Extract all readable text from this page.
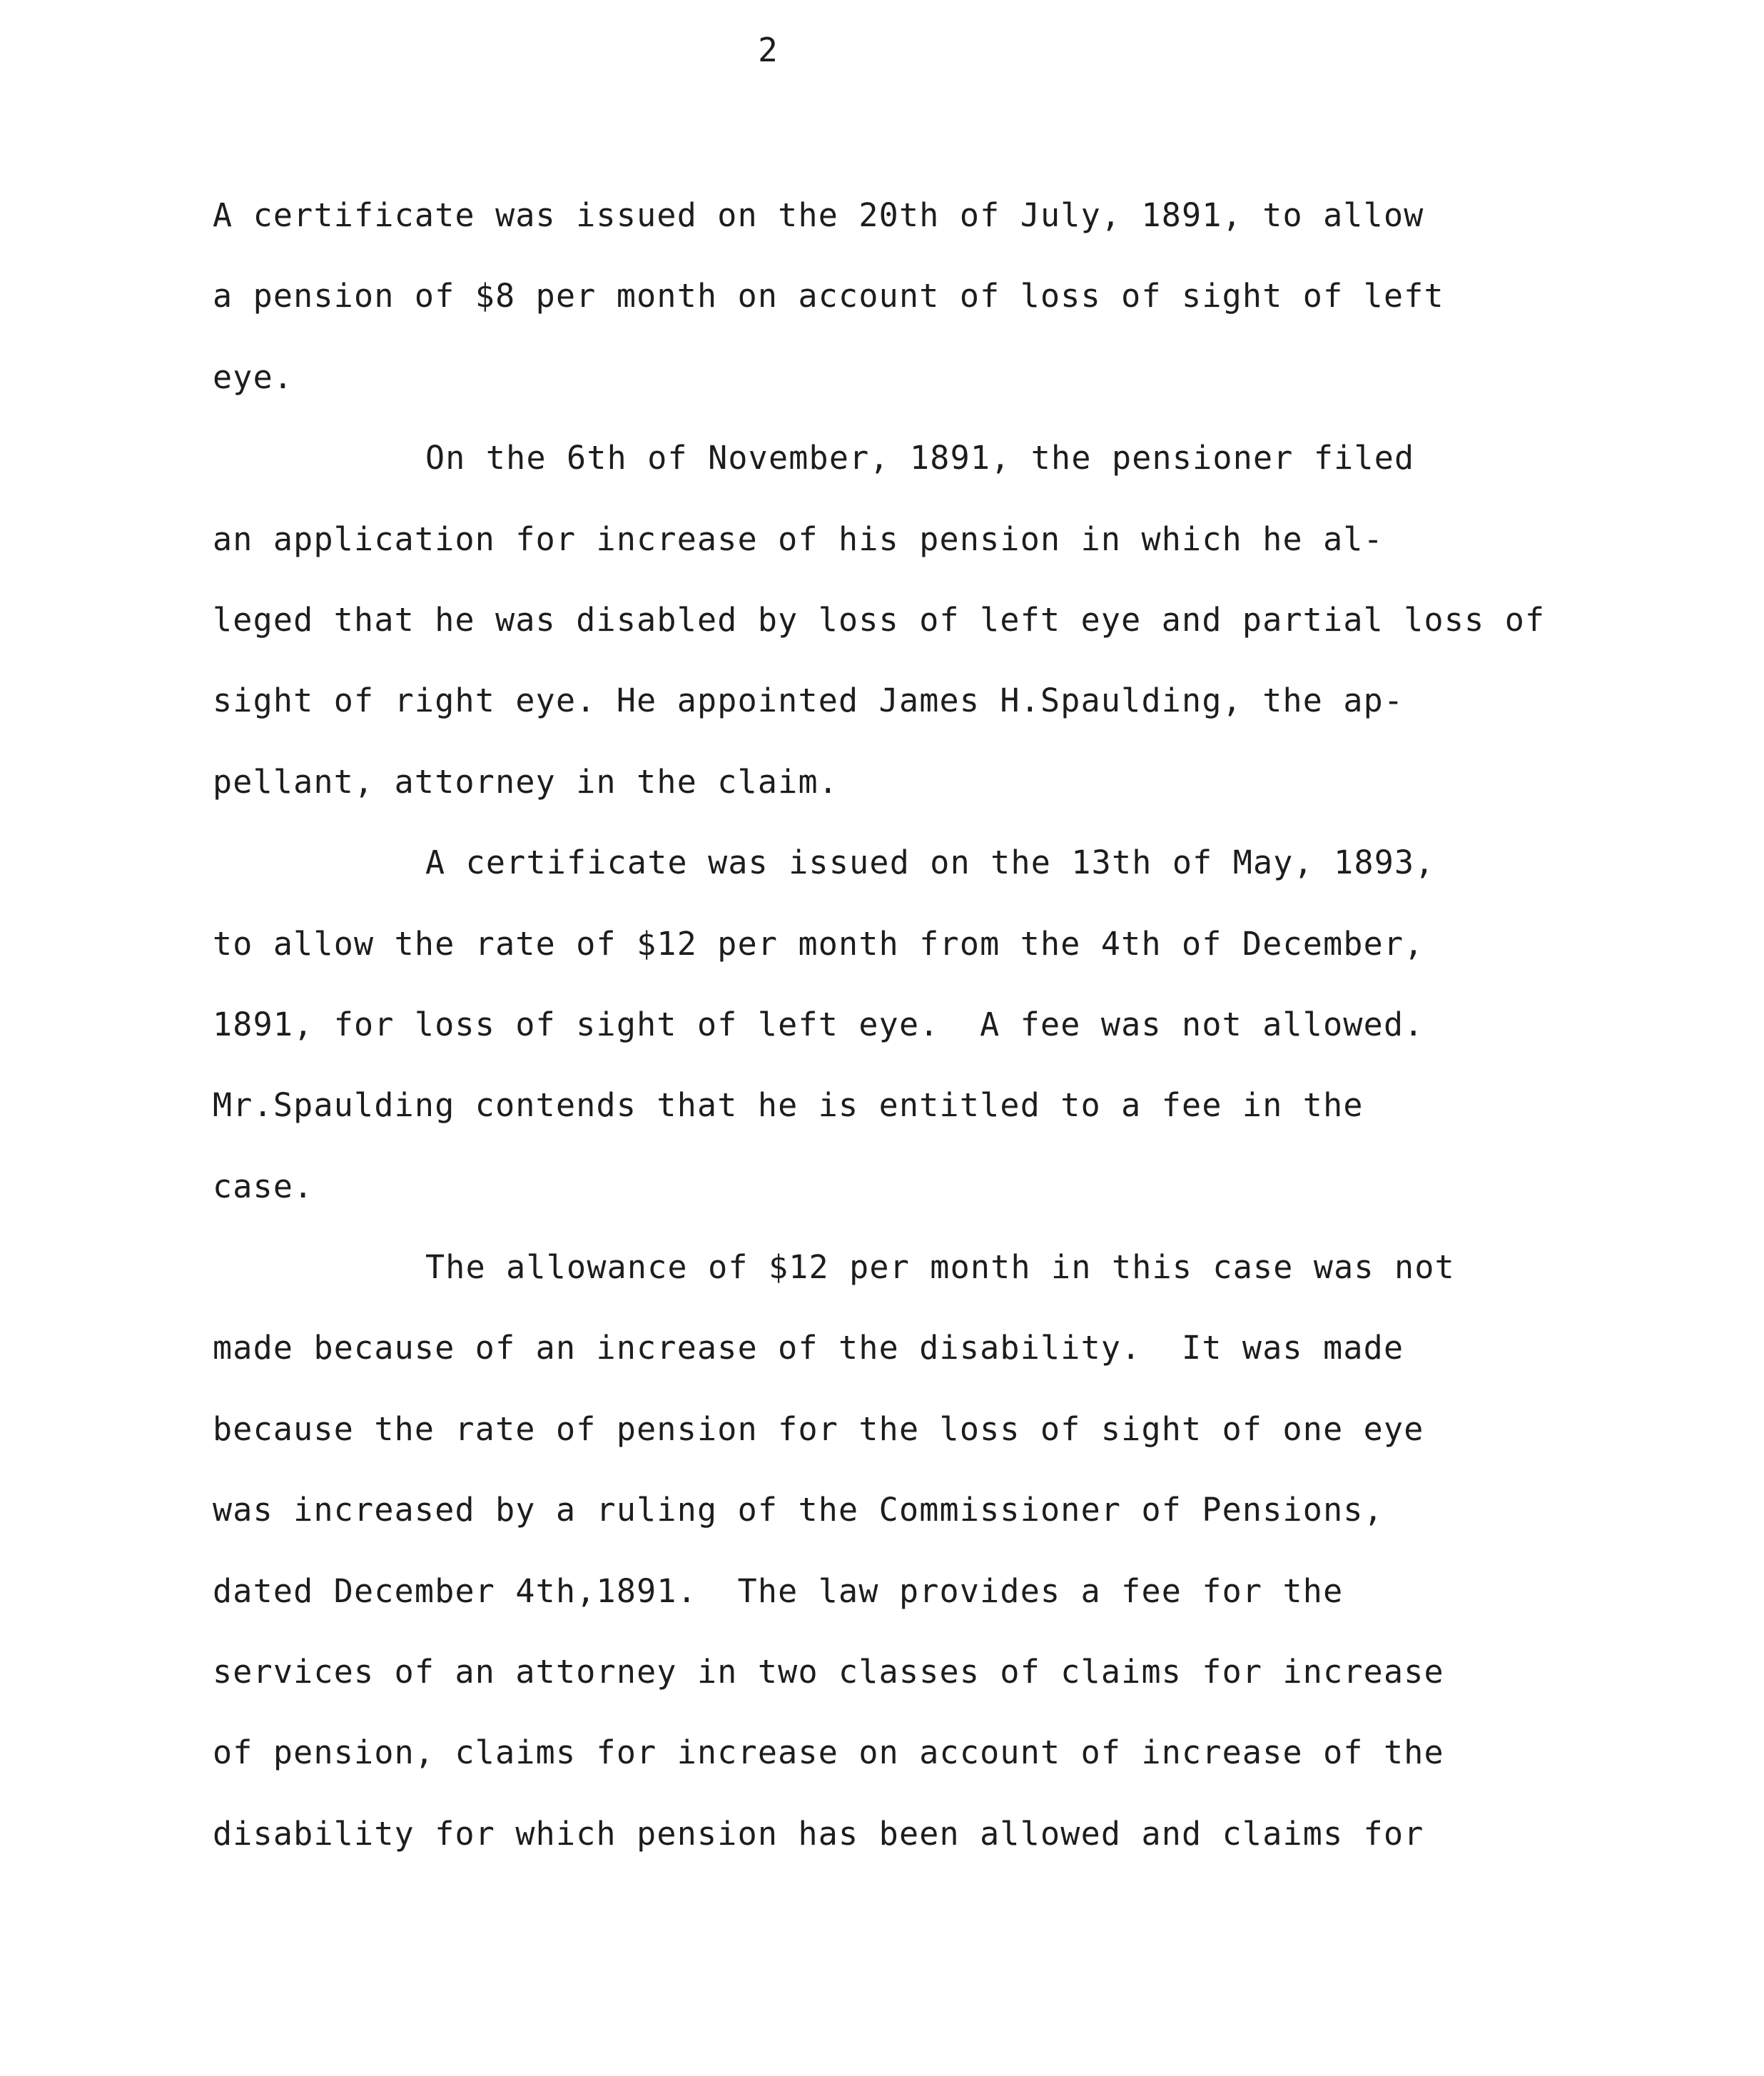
2
A certificate was issued on the 20th of July, 1891, to allow
a pension of $8 per month on account of loss of sight of left
eye.
On the 6th of November, 1891, the pensioner filed
an application for increase of his pension in which he al-
leged that he was disabled by loss of left eye and partial loss of
sight of right eye. He appointed James H.Spaulding, the ap-
pellant, attorney in the claim.
A certificate was issued on the 13th of May, 1893,
to allow the rate of $12 per month from the 4th of December,
1891, for loss of sight of left eye.  A fee was not allowed.
Mr.Spaulding contends that he is entitled to a fee in the
case.
The allowance of $12 per month in this case was not
made because of an increase of the disability.  It was made
because the rate of pension for the loss of sight of one eye
was increased by a ruling of the Commissioner of Pensions,
dated December 4th,1891.  The law provides a fee for the
services of an attorney in two classes of claims for increase
of pension, claims for increase on account of increase of the
disability for which pension has been allowed and claims for
